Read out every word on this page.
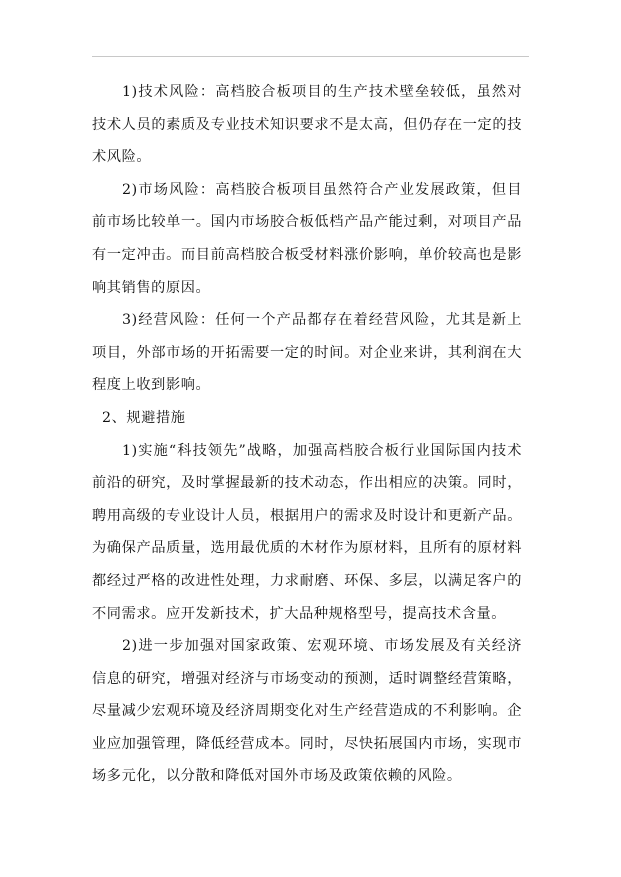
1)技术风险：高档胶合板项目的生产技术壁垒较低，虽然对技术人员的素质及专业技术知识要求不是太高，但仍存在一定的技术风险。

2)市场风险：高档胶合板项目虽然符合产业发展政策，但目前市场比较单一。国内市场胶合板低档产品产能过剩，对项目产品有一定冲击。而目前高档胶合板受材料涨价影响，单价较高也是影响其销售的原因。

3)经营风险：任何一个产品都存在着经营风险，尤其是新上项目，外部市场的开拓需要一定的时间。对企业来讲，其利润在大程度上收到影响。

2、规避措施

1)实施“科技领先”战略，加强高档胶合板行业国际国内技术前沿的研究，及时掌握最新的技术动态，作出相应的决策。同时，聘用高级的专业设计人员，根据用户的需求及时设计和更新产品。为确保产品质量，选用最优质的木材作为原材料，且所有的原材料都经过严格的改进性处理，力求耐磨、环保、多层，以满足客户的不同需求。应开发新技术，扩大品种规格型号，提高技术含量。

2)进一步加强对国家政策、宏观环境、市场发展及有关经济信息的研究，增强对经济与市场变动的预测，适时调整经营策略，尽量减少宏观环境及经济周期变化对生产经营造成的不利影响。企业应加强管理，降低经营成本。同时，尽快拓展国内市场，实现市场多元化，以分散和降低对国外市场及政策依赖的风险。
